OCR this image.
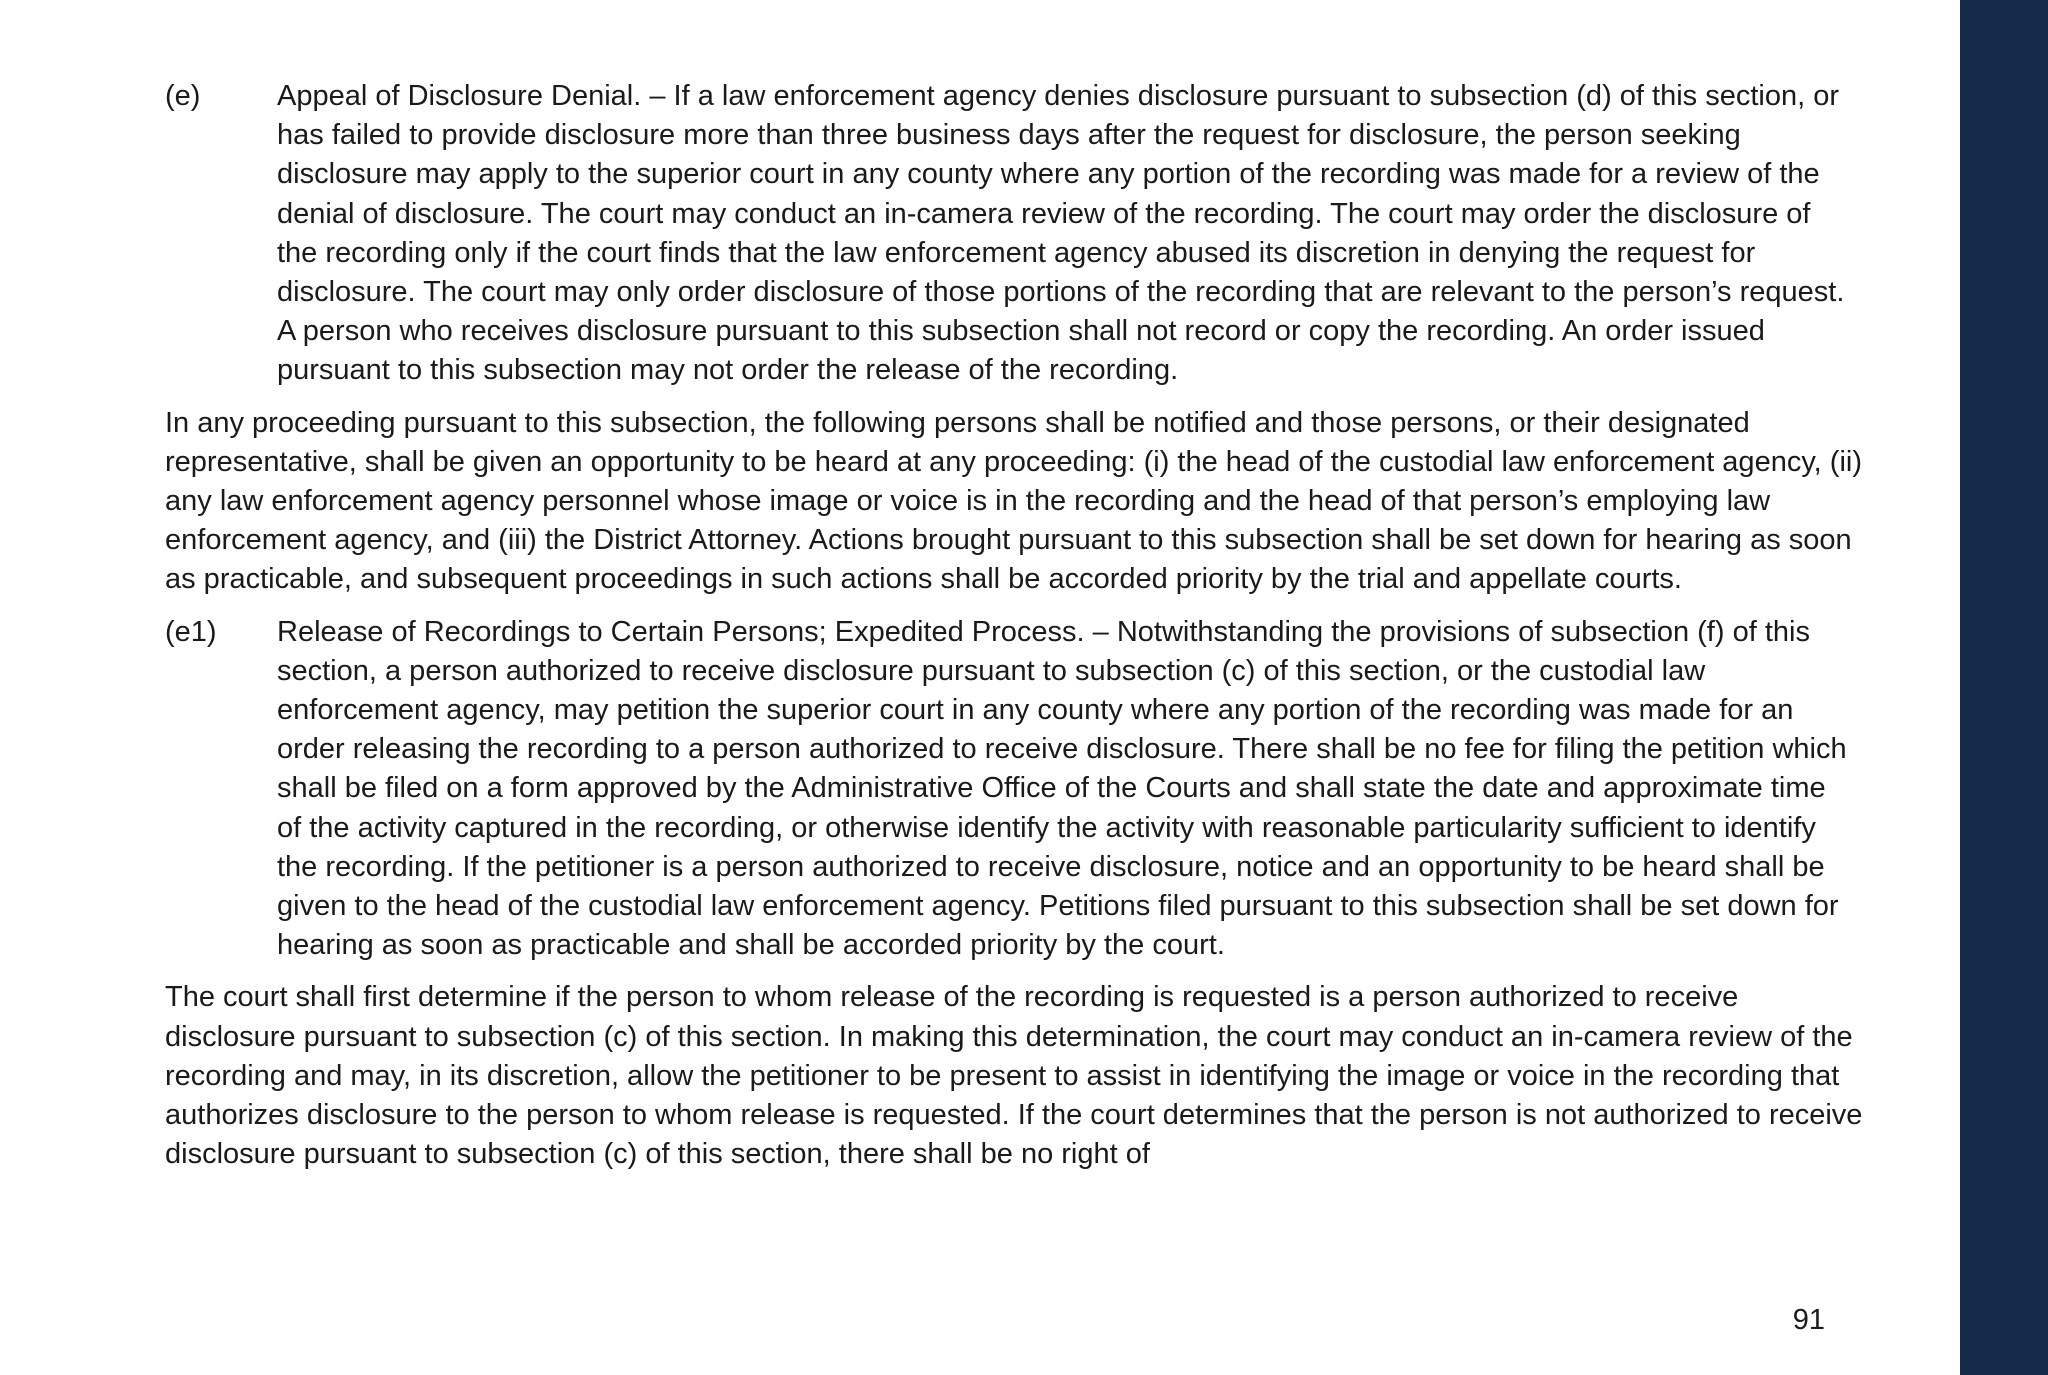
(e)	Appeal of Disclosure Denial. – If a law enforcement agency denies disclosure pursuant to subsection (d) of this section, or has failed to provide disclosure more than three business days after the request for disclosure, the person seeking disclosure may apply to the superior court in any county where any portion of the recording was made for a review of the denial of disclosure. The court may conduct an in-camera review of the recording. The court may order the disclosure of the recording only if the court finds that the law enforcement agency abused its discretion in denying the request for disclosure. The court may only order disclosure of those portions of the recording that are relevant to the person’s request. A person who receives disclosure pursuant to this subsection shall not record or copy the recording. An order issued pursuant to this subsection may not order the release of the recording.
In any proceeding pursuant to this subsection, the following persons shall be notified and those persons, or their designated representative, shall be given an opportunity to be heard at any proceeding: (i) the head of the custodial law enforcement agency, (ii) any law enforcement agency personnel whose image or voice is in the recording and the head of that person’s employing law enforcement agency, and (iii) the District Attorney. Actions brought pursuant to this subsection shall be set down for hearing as soon as practicable, and subsequent proceedings in such actions shall be accorded priority by the trial and appellate courts.
(e1)	Release of Recordings to Certain Persons; Expedited Process. – Notwithstanding the provisions of subsection (f) of this section, a person authorized to receive disclosure pursuant to subsection (c) of this section, or the custodial law enforcement agency, may petition the superior court in any county where any portion of the recording was made for an order releasing the recording to a person authorized to receive disclosure. There shall be no fee for filing the petition which shall be filed on a form approved by the Administrative Office of the Courts and shall state the date and approximate time of the activity captured in the recording, or otherwise identify the activity with reasonable particularity sufficient to identify the recording. If the petitioner is a person authorized to receive disclosure, notice and an opportunity to be heard shall be given to the head of the custodial law enforcement agency. Petitions filed pursuant to this subsection shall be set down for hearing as soon as practicable and shall be accorded priority by the court.
The court shall first determine if the person to whom release of the recording is requested is a person authorized to receive disclosure pursuant to subsection (c) of this section. In making this determination, the court may conduct an in-camera review of the recording and may, in its discretion, allow the petitioner to be present to assist in identifying the image or voice in the recording that authorizes disclosure to the person to whom release is requested. If the court determines that the person is not authorized to receive disclosure pursuant to subsection (c) of this section, there shall be no right of
91
